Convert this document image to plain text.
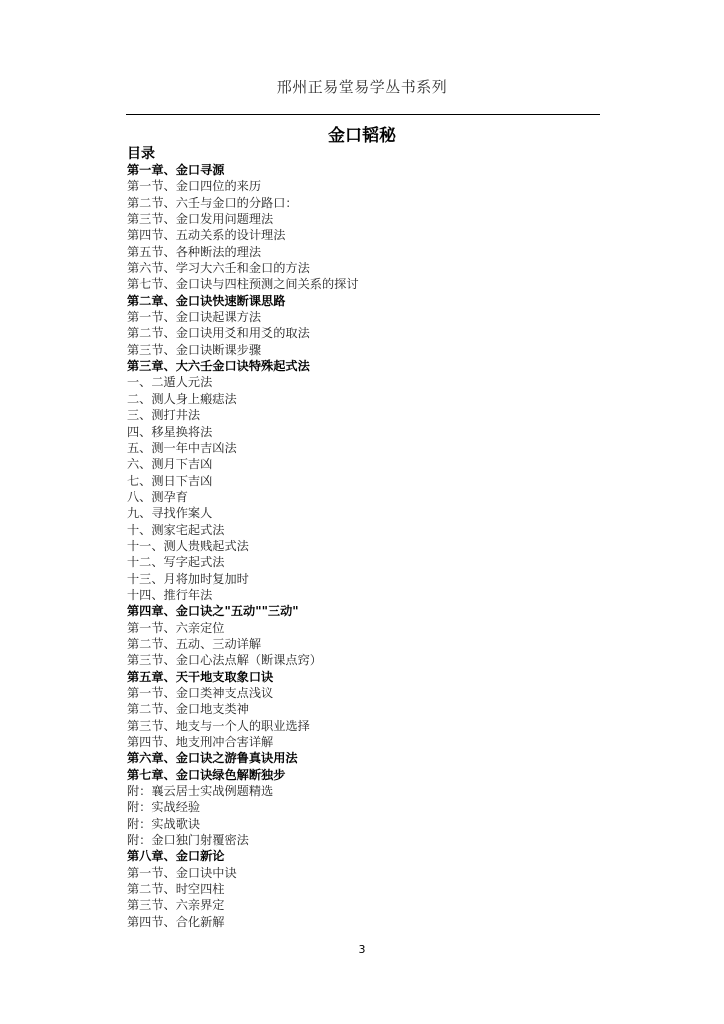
邢州正易堂易学丛书系列
金口韬秘
目录
第一章、金口寻源
第一节、金口四位的来历
第二节、六壬与金口的分路口：
第三节、金口发用问题理法
第四节、五动关系的设计理法
第五节、各种断法的理法
第六节、学习大六壬和金口的方法
第七节、金口诀与四柱预测之间关系的探讨
第二章、金口诀快速断课思路
第一节、金口诀起课方法
第二节、金口诀用爻和用爻的取法
第三节、金口诀断课步骤
第三章、大六壬金口诀特殊起式法
一、二遁人元法
二、测人身上瘢痣法
三、测打井法
四、移星换将法
五、测一年中吉凶法
六、测月下吉凶
七、测日下吉凶
八、测孕育
九、寻找作案人
十、测家宅起式法
十一、测人贵贱起式法
十二、写字起式法
十三、月将加时复加时
十四、推行年法
第四章、金口诀之"五动""三动"
第一节、六亲定位
第二节、五动、三动详解
第三节、金口心法点解（断课点窍）
第五章、天干地支取象口诀
第一节、金口类神支点浅议
第二节、金口地支类神
第三节、地支与一个人的职业选择
第四节、地支刑冲合害详解
第六章、金口诀之游鲁真诀用法
第七章、金口诀绿色解断独步
附：襄云居士实战例题精选
附：实战经验
附：实战歌诀
附：金口独门射覆密法
第八章、金口新论
第一节、金口诀中诀
第二节、时空四柱
第三节、六亲界定
第四节、合化新解
3
